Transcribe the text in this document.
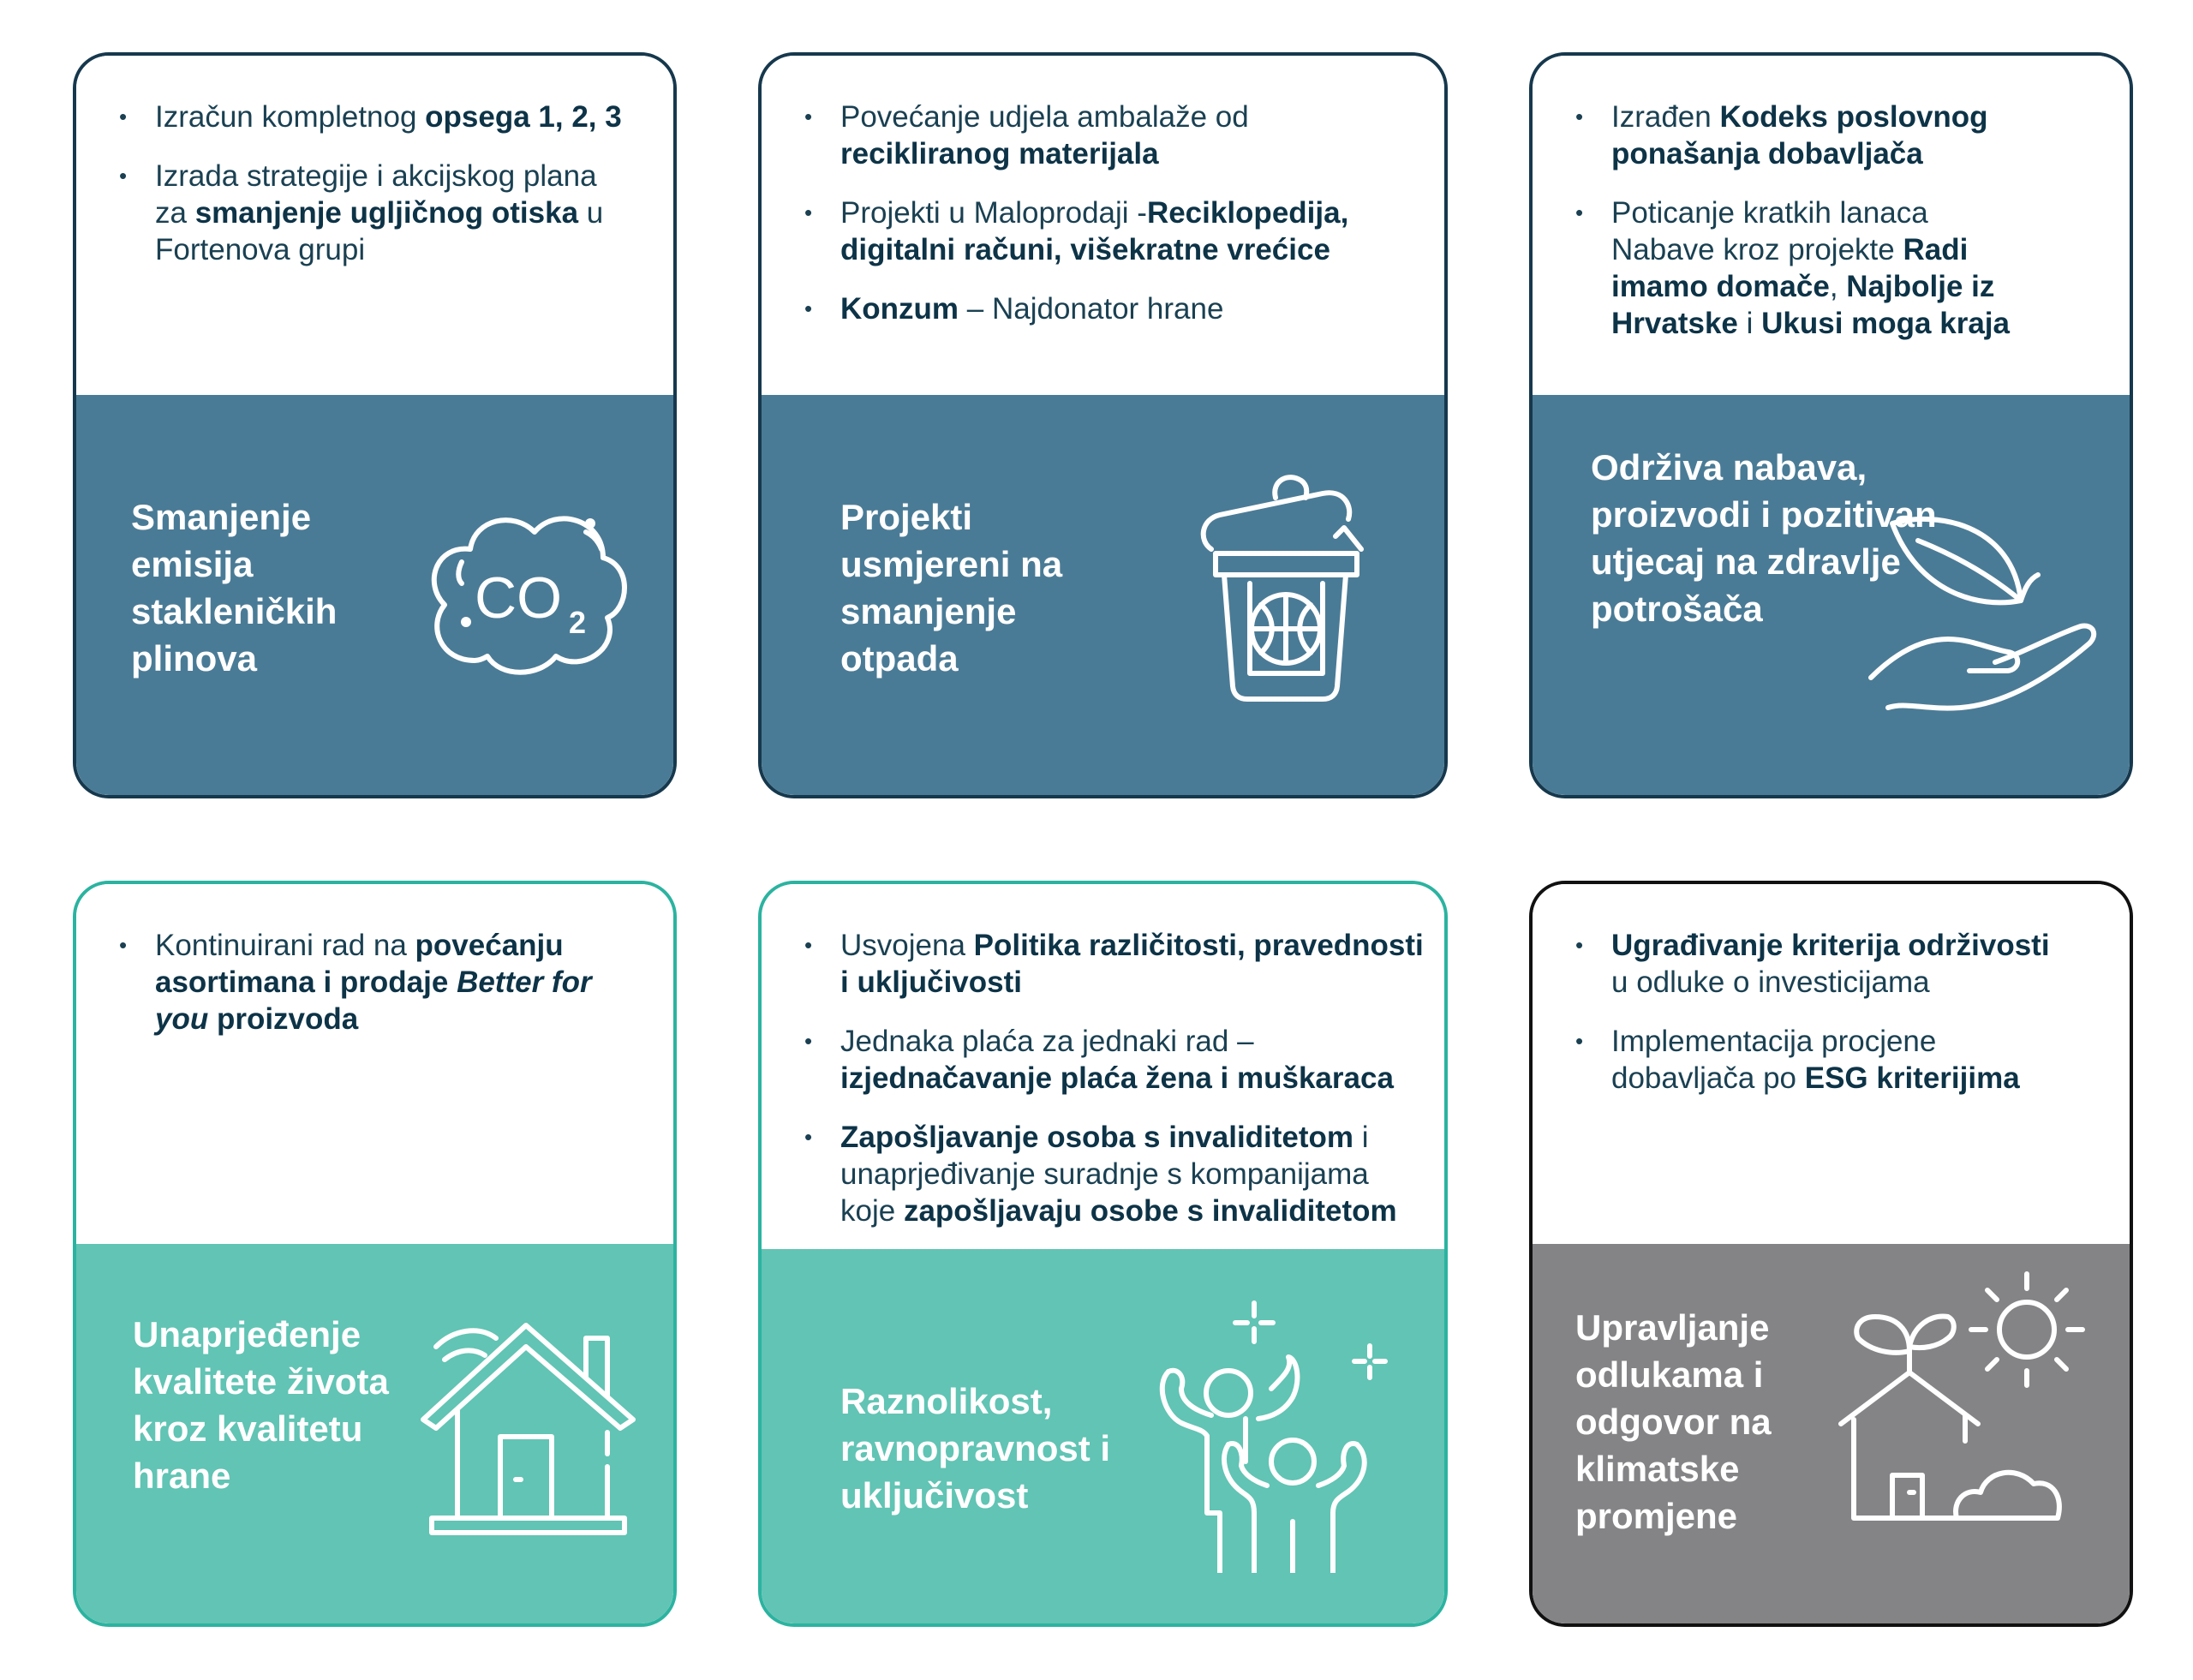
• Izračun kompletnog opsega 1, 2, 3
• Izrada strategije i akcijskog plana za smanjenje ugljičnog otiska u Fortenova grupi
Smanjenje emisija stakleničkih plinova
CO 2
• Povećanje udjela ambalaže od recikliranog materijala
• Projekti u Maloprodaji -Reciklopedija, digitalni računi, višekratne vrećice
• Konzum – Najdonator hrane
Projekti usmjereni na smanjenje otpada
• Izrađen Kodeks poslovnog ponašanja dobavljača
• Poticanje kratkih lanaca Nabave kroz projekte Radi imamo domače, Najbolje iz Hrvatske i Ukusi moga kraja
Održiva nabava, proizvodi i pozitivan utjecaj na zdravlje potrošača
• Kontinuirani rad na povećanju asortimana i prodaje Better for you proizvoda
Unaprjeđenje kvalitete života kroz kvalitetu hrane
• Usvojena Politika različitosti, pravednosti i uključivosti
• Jednaka plaća za jednaki rad – izjednačavanje plaća žena i muškaraca
• Zapošljavanje osoba s invaliditetom i unaprjeđivanje suradnje s kompanijama koje zapošljavaju osobe s invaliditetom
Raznolikost, ravnopravnost i uključivost
• Ugrađivanje kriterija održivosti u odluke o investicijama
• Implementacija procjene dobavljača po ESG kriterijima
Upravljanje odlukama i odgovor na klimatske promjene
